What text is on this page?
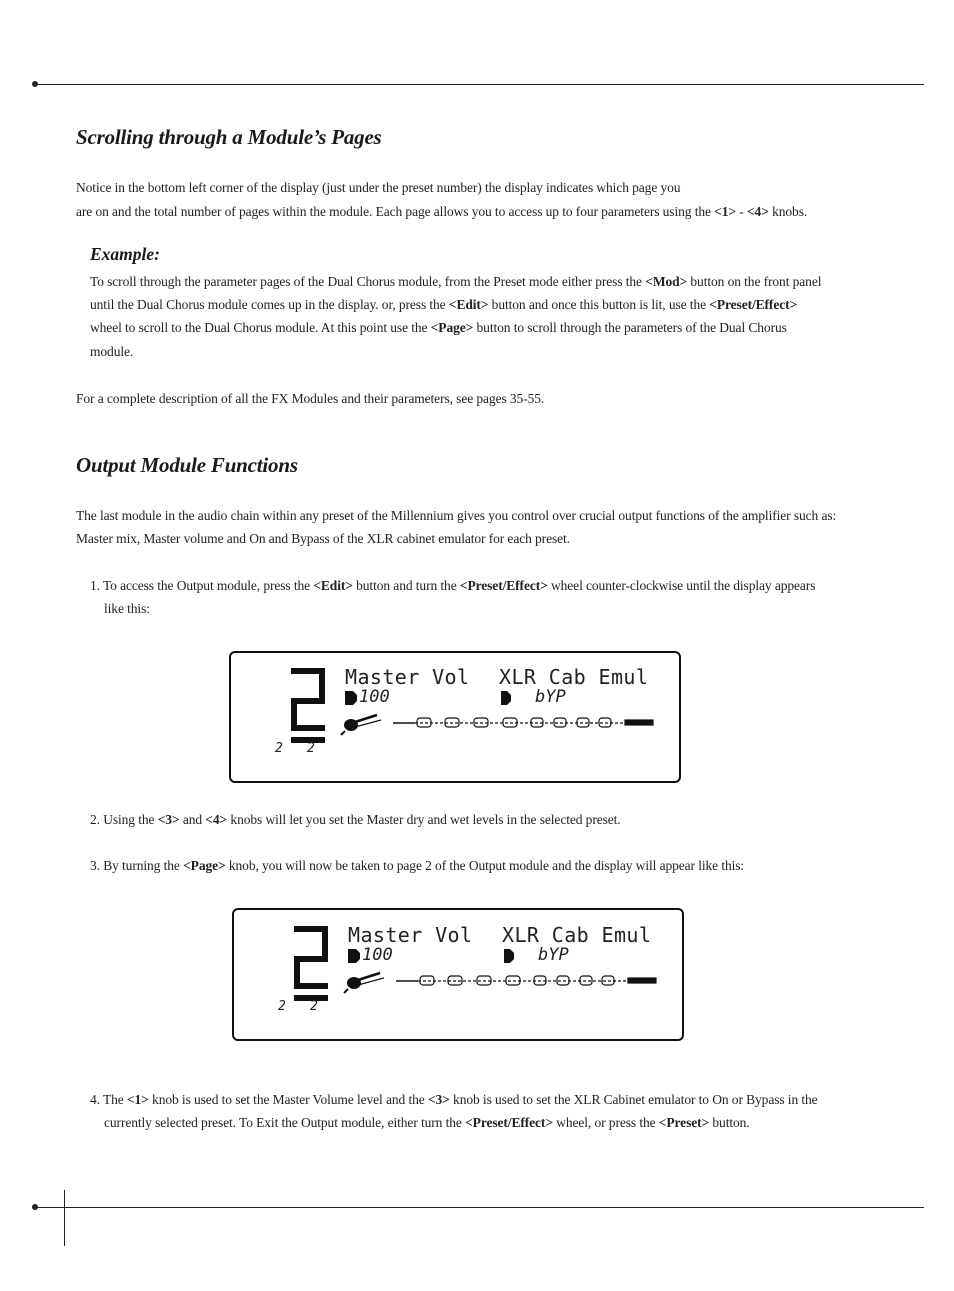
Scrolling through a Module’s Pages

Notice in the bottom left corner of the display (just under the preset number) the display indicates which page you

are on and the total number of pages within the module. Each page allows you to access up to four parameters using the <1> - <4> knobs.

Example:

To scroll through the parameter pages of the Dual Chorus module, from the Preset mode either press the <Mod> button on the front panel

until the Dual Chorus module comes up in the display. or, press the <Edit> button and once this button is lit, use the <Preset/Effect>

wheel to scroll to the Dual Chorus module. At this point use the <Page> button to scroll through the parameters of the Dual Chorus

module.

For a complete description of all the FX Modules and their parameters, see pages 35-55.

Output Module Functions

The last module in the audio chain within any preset of the Millennium gives you control over crucial output functions of the amplifier such as:

Master mix, Master volume and On and Bypass of the XLR cabinet emulator for each preset.

1. To access the Output module, press the <Edit> button and turn the <Preset/Effect> wheel counter-clockwise until the display appears

like this:

Master Vol XLR Cab Emul
100	bYP
2 2

2. Using the <3> and <4> knobs will let you set the Master dry and wet levels in the selected preset.

3. By turning the <Page> knob, you will now be taken to page 2 of the Output module and the display will appear like this:

Master Vol XLR Cab Emul
100	bYP
2 2

4. The <1> knob is used to set the Master Volume level and the <3> knob is used to set the XLR Cabinet emulator to On or Bypass in the

currently selected preset. To Exit the Output module, either turn the <Preset/Effect> wheel, or press the <Preset> button.
